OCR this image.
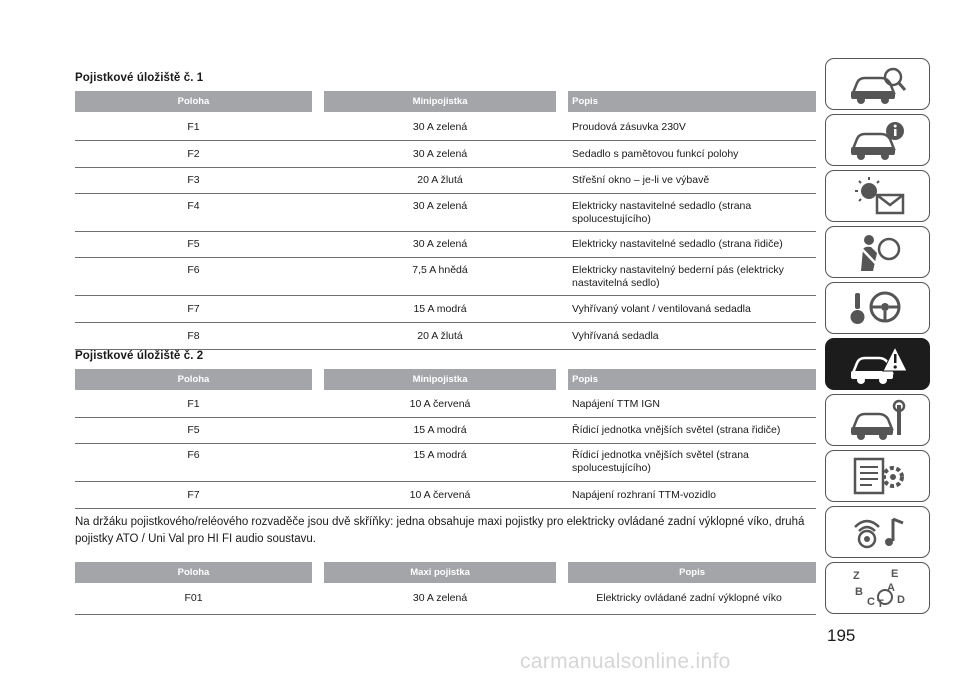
Pojistkové úložiště č. 1
Poloha	Minipojistka	Popis
F1	30 A zelená	Proudová zásuvka 230V
F2	30 A zelená	Sedadlo s pamětovou funkcí polohy
F3	20 A žlutá	Střešní okno – je-li ve výbavě
F4	30 A zelená	Elektricky nastavitelné sedadlo (strana spolucestujícího)
F5	30 A zelená	Elektricky nastavitelné sedadlo (strana řidiče)
F6	7,5 A hnědá	Elektricky nastavitelný bederní pás (elektricky nastavitelná sedlo)
F7	15 A modrá	Vyhřívaný volant / ventilovaná sedadla
F8	20 A žlutá	Vyhřívaná sedadla
Pojistkové úložiště č. 2
Poloha	Minipojistka	Popis
F1	10 A červená	Napájení TTM IGN
F5	15 A modrá	Řídicí jednotka vnějších světel (strana řidiče)
F6	15 A modrá	Řídicí jednotka vnějších světel (strana spolucestujícího)
F7	10 A červená	Napájení rozhraní TTM-vozidlo
Na držáku pojistkového/reléového rozvaděče jsou dvě skříňky: jedna obsahuje maxi pojistky pro elektricky ovládané zadní výklopné víko, druhá pojistky ATO / Uni Val pro HI FI audio soustavu.
Poloha	Maxi pojistka	Popis
F01	30 A zelená	Elektricky ovládané zadní výklopné víko
Z	E
B A
C T D
195
carmanualsonline.info
